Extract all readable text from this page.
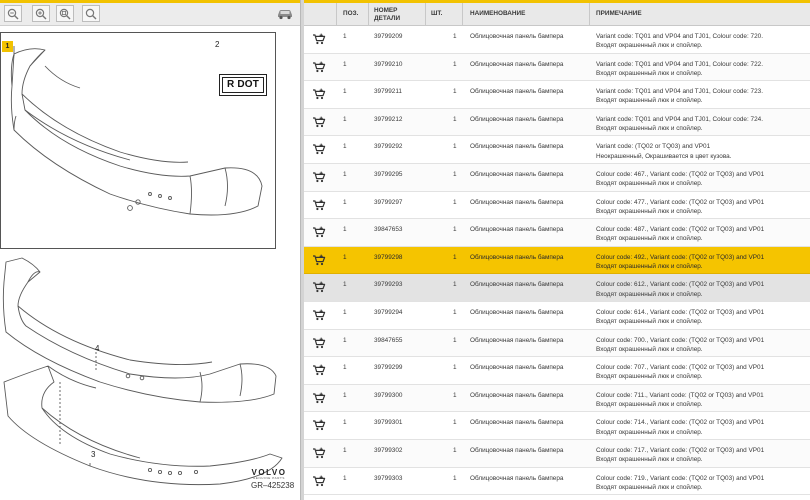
1	2
R DOT
4
3
VOLVO
GENUINE PARTS
GR–425238
ПОЗ. НОМЕР ДЕТАЛИ
ШТ.	НАИМЕНОВАНИЕ	ПРИМЕЧАНИЕ
1	39799209	1 Облицовочная панель бампера	Variant code: TQ01 and VP04 and TJ01, Colour code: 720.
Входят окрашенный люк и спойлер.
1	39799210	1 Облицовочная панель бампера	Variant code: TQ01 and VP04 and TJ01, Colour code: 722.
Входят окрашенный люк и спойлер.
1	39799211	1 Облицовочная панель бампера	Variant code: TQ01 and VP04 and TJ01, Colour code: 723.
Входят окрашенный люк и спойлер.
1	39799212	1 Облицовочная панель бампера	Variant code: TQ01 and VP04 and TJ01, Colour code: 724.
Входят окрашенный люк и спойлер.
1	39799292	1 Облицовочная панель бампера	Variant code: (TQ02 or TQ03) and VP01
Неокрашенный, Окрашивается в цвет кузова.
1	39799295	1 Облицовочная панель бампера	Colour code: 467., Variant code: (TQ02 or TQ03) and VP01
Входят окрашенный люк и спойлер.
1	39799297	1 Облицовочная панель бампера	Colour code: 477., Variant code: (TQ02 or TQ03) and VP01
Входят окрашенный люк и спойлер.
1	39847653	1 Облицовочная панель бампера	Colour code: 487., Variant code: (TQ02 or TQ03) and VP01
Входят окрашенный люк и спойлер.
1	39799298	1 Облицовочная панель бампера	Colour code: 492., Variant code: (TQ02 or TQ03) and VP01
Входят окрашенный люк и спойлер.
1	39799293	1 Облицовочная панель бампера	Colour code: 612., Variant code: (TQ02 or TQ03) and VP01
Входят окрашенный люк и спойлер.
1	39799294	1 Облицовочная панель бампера	Colour code: 614., Variant code: (TQ02 or TQ03) and VP01
Входят окрашенный люк и спойлер.
1	39847655	1 Облицовочная панель бампера	Colour code: 700., Variant code: (TQ02 or TQ03) and VP01
Входят окрашенный люк и спойлер.
1	39799299	1 Облицовочная панель бампера	Colour code: 707., Variant code: (TQ02 or TQ03) and VP01
Входят окрашенный люк и спойлер.
1	39799300	1 Облицовочная панель бампера	Colour code: 711., Variant code: (TQ02 or TQ03) and VP01
Входят окрашенный люк и спойлер.
1	39799301	1 Облицовочная панель бампера	Colour code: 714., Variant code: (TQ02 or TQ03) and VP01
Входят окрашенный люк и спойлер.
1	39799302	1 Облицовочная панель бампера	Colour code: 717., Variant code: (TQ02 or TQ03) and VP01
Входят окрашенный люк и спойлер.
1	39799303	1 Облицовочная панель бампера	Colour code: 719., Variant code: (TQ02 or TQ03) and VP01
Входят окрашенный люк и спойлер.
